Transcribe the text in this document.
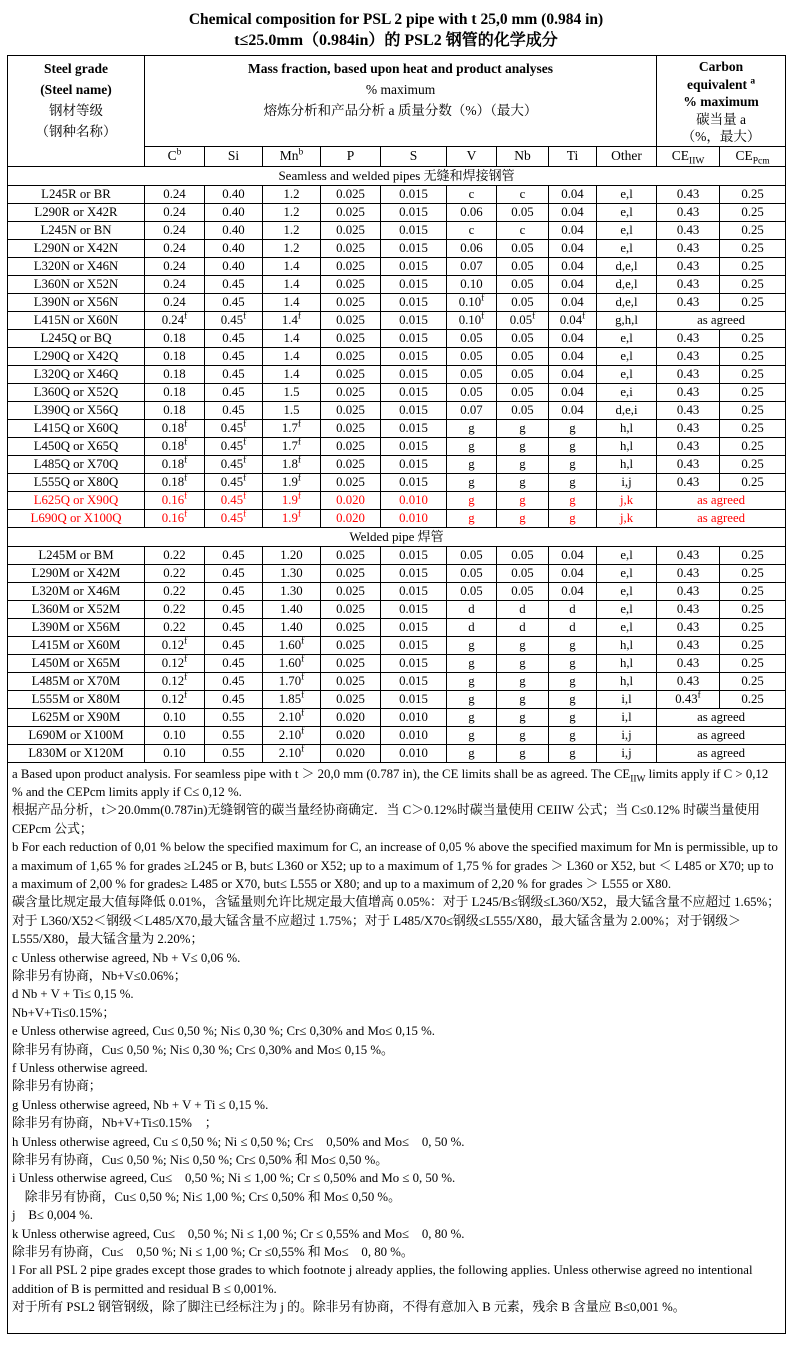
Chemical composition for PSL 2 pipe with t 25,0 mm (0.984 in)
t≤25.0mm（0.984in）的 PSL2 钢管的化学成分
Steel grade
(Steel name)
钢材等级
（钢种名称）	Mass fraction, based upon heat and product analyses
% maximum
熔炼分析和产品分析 a 质量分数（%）（最大）									Carbon
equivalent $^a$
% maximum
碳当量 a
（%，最大）	
	$C^b$	Si	Mn$^b$	P	S	V	Nb	Ti	Other	$CE_{IIW}$	$CE_{Pcm}$
Seamless and welded pipes 无缝和焊接钢管											
L245R or BR	0.24	0.40	1.2	0.025	0.015	c	c	0.04	e,l	0.43	0.25
L290R or X42R	0.24	0.40	1.2	0.025	0.015	0.06	0.05	0.04	e,l	0.43	0.25
L245N or BN	0.24	0.40	1.2	0.025	0.015	c	c	0.04	e,l	0.43	0.25
L290N or X42N	0.24	0.40	1.2	0.025	0.015	0.06	0.05	0.04	e,l	0.43	0.25
L320N or X46N	0.24	0.40	1.4	0.025	0.015	0.07	0.05	0.04	d,e,l	0.43	0.25
L360N or X52N	0.24	0.45	1.4	0.025	0.015	0.10	0.05	0.04	d,e,l	0.43	0.25
L390N or X56N	0.24	0.45	1.4	0.025	0.015	0.10$^f$	0.05	0.04	d,e,l	0.43	0.25
L415N or X60N	0.24$^f$	0.45$^f$	1.4$^f$	0.025	0.015	0.10$^f$	0.05$^f$	0.04$^f$	g,h,l	as agreed	
L245Q or BQ	0.18	0.45	1.4	0.025	0.015	0.05	0.05	0.04	e,l	0.43	0.25
L290Q or X42Q	0.18	0.45	1.4	0.025	0.015	0.05	0.05	0.04	e,l	0.43	0.25
L320Q or X46Q	0.18	0.45	1.4	0.025	0.015	0.05	0.05	0.04	e,l	0.43	0.25
L360Q or X52Q	0.18	0.45	1.5	0.025	0.015	0.05	0.05	0.04	e,i	0.43	0.25
L390Q or X56Q	0.18	0.45	1.5	0.025	0.015	0.07	0.05	0.04	d,e,i	0.43	0.25
L415Q or X60Q	0.18$^f$	0.45$^f$	1.7$^f$	0.025	0.015	g	g	g	h,l	0.43	0.25
L450Q or X65Q	0.18$^f$	0.45$^f$	1.7$^f$	0.025	0.015	g	g	g	h,l	0.43	0.25
L485Q or X70Q	0.18$^f$	0.45$^f$	1.8$^f$	0.025	0.015	g	g	g	h,l	0.43	0.25
L555Q or X80Q	0.18$^f$	0.45$^f$	1.9$^f$	0.025	0.015	g	g	g	i,j	0.43	0.25
L625Q or X90Q	0.16$^f$	0.45$^f$	1.9$^f$	0.020	0.010	g	g	g	j,k	as agreed	
L690Q or X100Q	0.16$^f$	0.45$^f$	1.9$^f$	0.020	0.010	g	g	g	j,k	as agreed	
Welded pipe 焊管											
L245M or BM	0.22	0.45	1.20	0.025	0.015	0.05	0.05	0.04	e,l	0.43	0.25
L290M or X42M	0.22	0.45	1.30	0.025	0.015	0.05	0.05	0.04	e,l	0.43	0.25
L320M or X46M	0.22	0.45	1.30	0.025	0.015	0.05	0.05	0.04	e,l	0.43	0.25
L360M or X52M	0.22	0.45	1.40	0.025	0.015	d	d	d	e,l	0.43	0.25
L390M or X56M	0.22	0.45	1.40	0.025	0.015	d	d	d	e,l	0.43	0.25
L415M or X60M	0.12$^f$	0.45	1.60$^f$	0.025	0.015	g	g	g	h,l	0.43	0.25
L450M or X65M	0.12$^f$	0.45	1.60$^f$	0.025	0.015	g	g	g	h,l	0.43	0.25
L485M or X70M	0.12$^f$	0.45	1.70$^f$	0.025	0.015	g	g	g	h,l	0.43	0.25
L555M or X80M	0.12$^f$	0.45	1.85$^f$	0.025	0.015	g	g	g	i,l	0.43$^f$	0.25
L625M or X90M	0.10	0.55	2.10$^f$	0.020	0.010	g	g	g	i,l	as agreed	
L690M or X100M	0.10	0.55	2.10$^f$	0.020	0.010	g	g	g	i,j	as agreed	
L830M or X120M	0.10	0.55	2.10$^f$	0.020	0.010	g	g	g	i,j	as agreed	

a Based upon product analysis. For seamless pipe with t ＞ 20,0 mm (0.787 in), the CE limits shall be as agreed. The $CE_{IIW}$ limits apply if C > 0,12 % and the CEPcm limits apply if C≤ 0,12 %.
根据产品分析，t＞20.0mm(0.787in)无缝钢管的碳当量经协商确定．当 C＞0.12%时碳当量使用 CEIIW 公式；当 C≤0.12% 时碳当量使用 CEPcm 公式；
b For each reduction of 0,01 % below the specified maximum for C, an increase of 0,05 % above the specified maximum for Mn is permissible, up to a maximum of 1,65 % for grades ≥L245 or B, but≤ L360 or X52; up to a maximum of 1,75 % for grades ＞ L360 or X52, but ＜ L485 or X70; up to a maximum of 2,00 % for grades≥ L485 or X70, but≤ L555 or X80; and up to a maximum of 2,20 % for grades ＞ L555 or X80.
碳含量比规定最大值每降低 0.01%，含锰量则允许比规定最大值增高 0.05%：对于 L245/B≤钢级≤L360/X52，最大锰含量不应超过 1.65%；对于 L360/X52＜钢级＜L485/X70,最大锰含量不应超过 1.75%；对于 L485/X70≤钢级≤L555/X80，最大锰含量为 2.00%；对于钢级＞L555/X80，最大锰含量为 2.20%；
c Unless otherwise agreed, Nb + V≤ 0,06 %.
除非另有协商，Nb+V≤0.06%；
d Nb + V + Ti≤ 0,15 %.
Nb+V+Ti≤0.15%；
e Unless otherwise agreed, Cu≤ 0,50 %; Ni≤ 0,30 %; Cr≤ 0,30% and Mo≤ 0,15 %.
除非另有协商，Cu≤ 0,50 %; Ni≤ 0,30 %; Cr≤ 0,30% and Mo≤ 0,15 %。
f Unless otherwise agreed.
除非另有协商；
g Unless otherwise agreed, Nb + V + Ti ≤ 0,15 %.
除非另有协商，Nb+V+Ti≤0.15%　；
h Unless otherwise agreed, Cu ≤ 0,50 %; Ni ≤ 0,50 %; Cr≤　0,50% and Mo≤　0, 50 %.
除非另有协商，Cu≤ 0,50 %; Ni≤ 0,50 %; Cr≤ 0,50% 和 Mo≤ 0,50 %。
i Unless otherwise agreed, Cu≤　0,50 %; Ni ≤ 1,00 %; Cr ≤ 0,50% and Mo ≤ 0, 50 %.
　除非另有协商，Cu≤ 0,50 %; Ni≤ 1,00 %; Cr≤ 0,50% 和 Mo≤ 0,50 %。
j　B≤ 0,004 %.
k Unless otherwise agreed, Cu≤　0,50 %; Ni ≤ 1,00 %; Cr ≤ 0,55% and Mo≤　0, 80 %.
除非另有协商，Cu≤　0,50 %; Ni ≤ 1,00 %; Cr ≤0,55% 和 Mo≤　0, 80 %。
l For all PSL 2 pipe grades except those grades to which footnote j already applies, the following applies. Unless otherwise agreed no intentional addition of B is permitted and residual B ≤ 0,001%.
对于所有 PSL2 钢管钢级，除了脚注已经标注为 j 的。除非另有协商，不得有意加入 B 元素，残余 B 含量应 B≤0,001 %。
